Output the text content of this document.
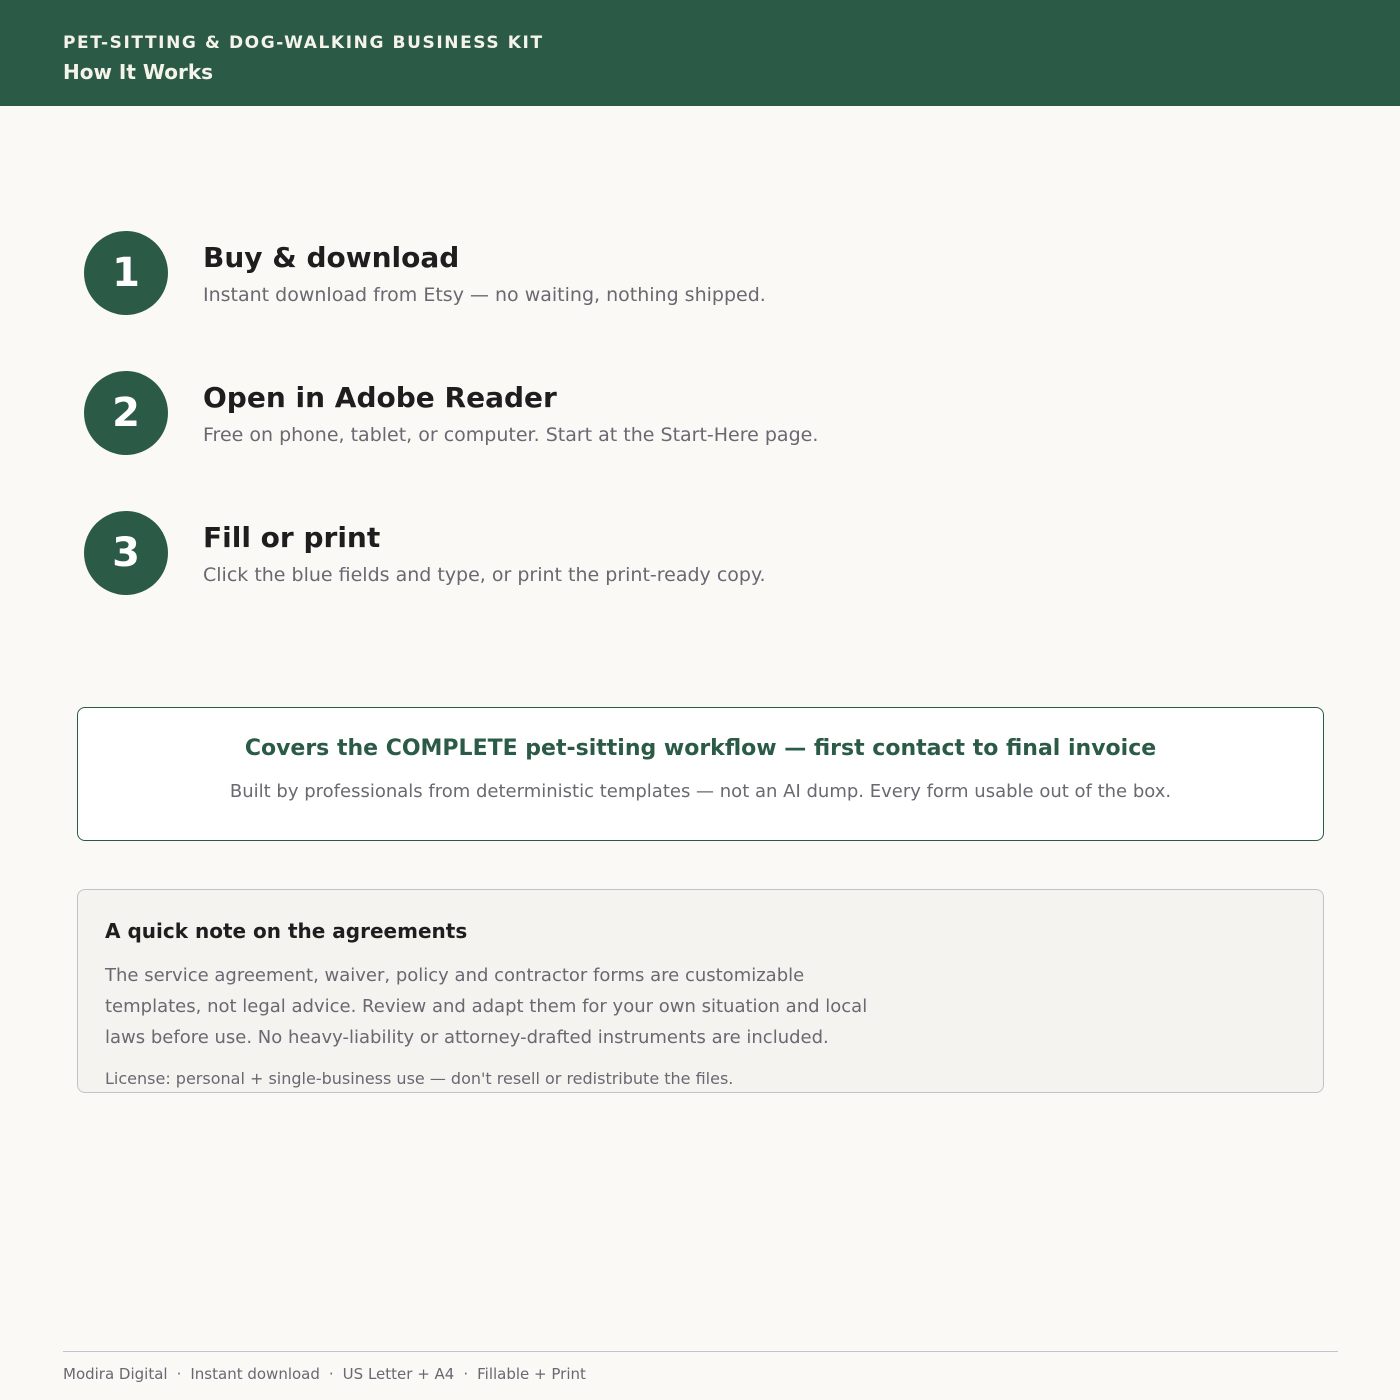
PET-SITTING & DOG-WALKING BUSINESS KIT
How It Works
1	Buy & download
Instant download from Etsy — no waiting, nothing shipped.
2	Open in Adobe Reader
Free on phone, tablet, or computer. Start at the Start-Here page.
3	Fill or print
Click the blue fields and type, or print the print-ready copy.
Covers the COMPLETE pet-sitting workflow — first contact to final invoice
Built by professionals from deterministic templates — not an AI dump. Every form usable out of the box.
A quick note on the agreements
The service agreement, waiver, policy and contractor forms are customizable templates, not legal advice. Review and adapt them for your own situation and local laws before use. No heavy-liability or attorney-drafted instruments are included.
License: personal + single-business use — don't resell or redistribute the files.
Modira Digital · Instant download · US Letter + A4 · Fillable + Print
